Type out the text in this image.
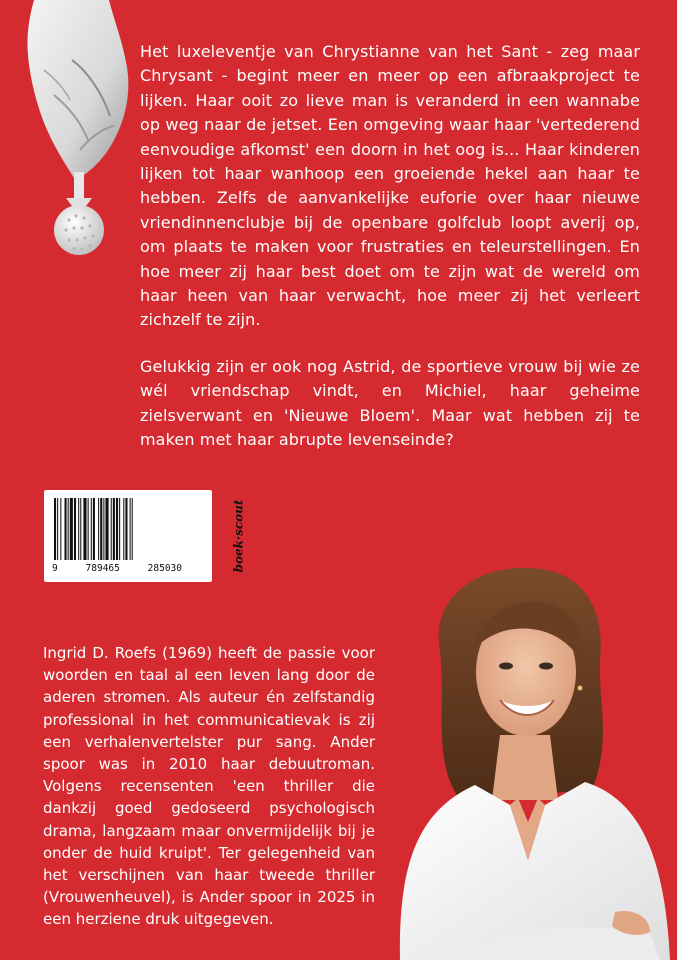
Het luxeleventje van Chrystianne van het Sant - zeg maar Chrysant - begint meer en meer op een afbraakproject te lijken. Haar ooit zo lieve man is veranderd in een wannabe op weg naar de jetset. Een omgeving waar haar 'vertederend eenvoudige afkomst' een doorn in het oog is... Haar kinderen lijken tot haar wanhoop een groeiende hekel aan haar te hebben. Zelfs de aanvankelijke euforie over haar nieuwe vriendinnenclubje bij de openbare golfclub loopt averij op, om plaats te maken voor frustraties en teleurstellingen. En hoe meer zij haar best doet om te zijn wat de wereld om haar heen van haar verwacht, hoe meer zij het verleert zichzelf te zijn.

Gelukkig zijn er ook nog Astrid, de sportieve vrouw bij wie ze wél vriendschap vindt, en Michiel, haar geheime zielsverwant en 'Nieuwe Bloem'. Maar wat hebben zij te maken met haar abrupte levenseinde?

9	789465	285030	boek·scout
Ingrid D. Roefs (1969) heeft de passie voor woorden en taal al een leven lang door de aderen stromen. Als auteur én zelfstandig professional in het communicatievak is zij een verhalenvertelster pur sang. Ander spoor was in 2010 haar debuutroman. Volgens recensenten 'een thriller die dankzij goed gedoseerd psychologisch drama, langzaam maar onvermijdelijk bij je onder de huid kruipt'. Ter gelegenheid van het verschijnen van haar tweede thriller (Vrouwenheuvel), is Ander spoor in 2025 in een herziene druk uitgegeven.
